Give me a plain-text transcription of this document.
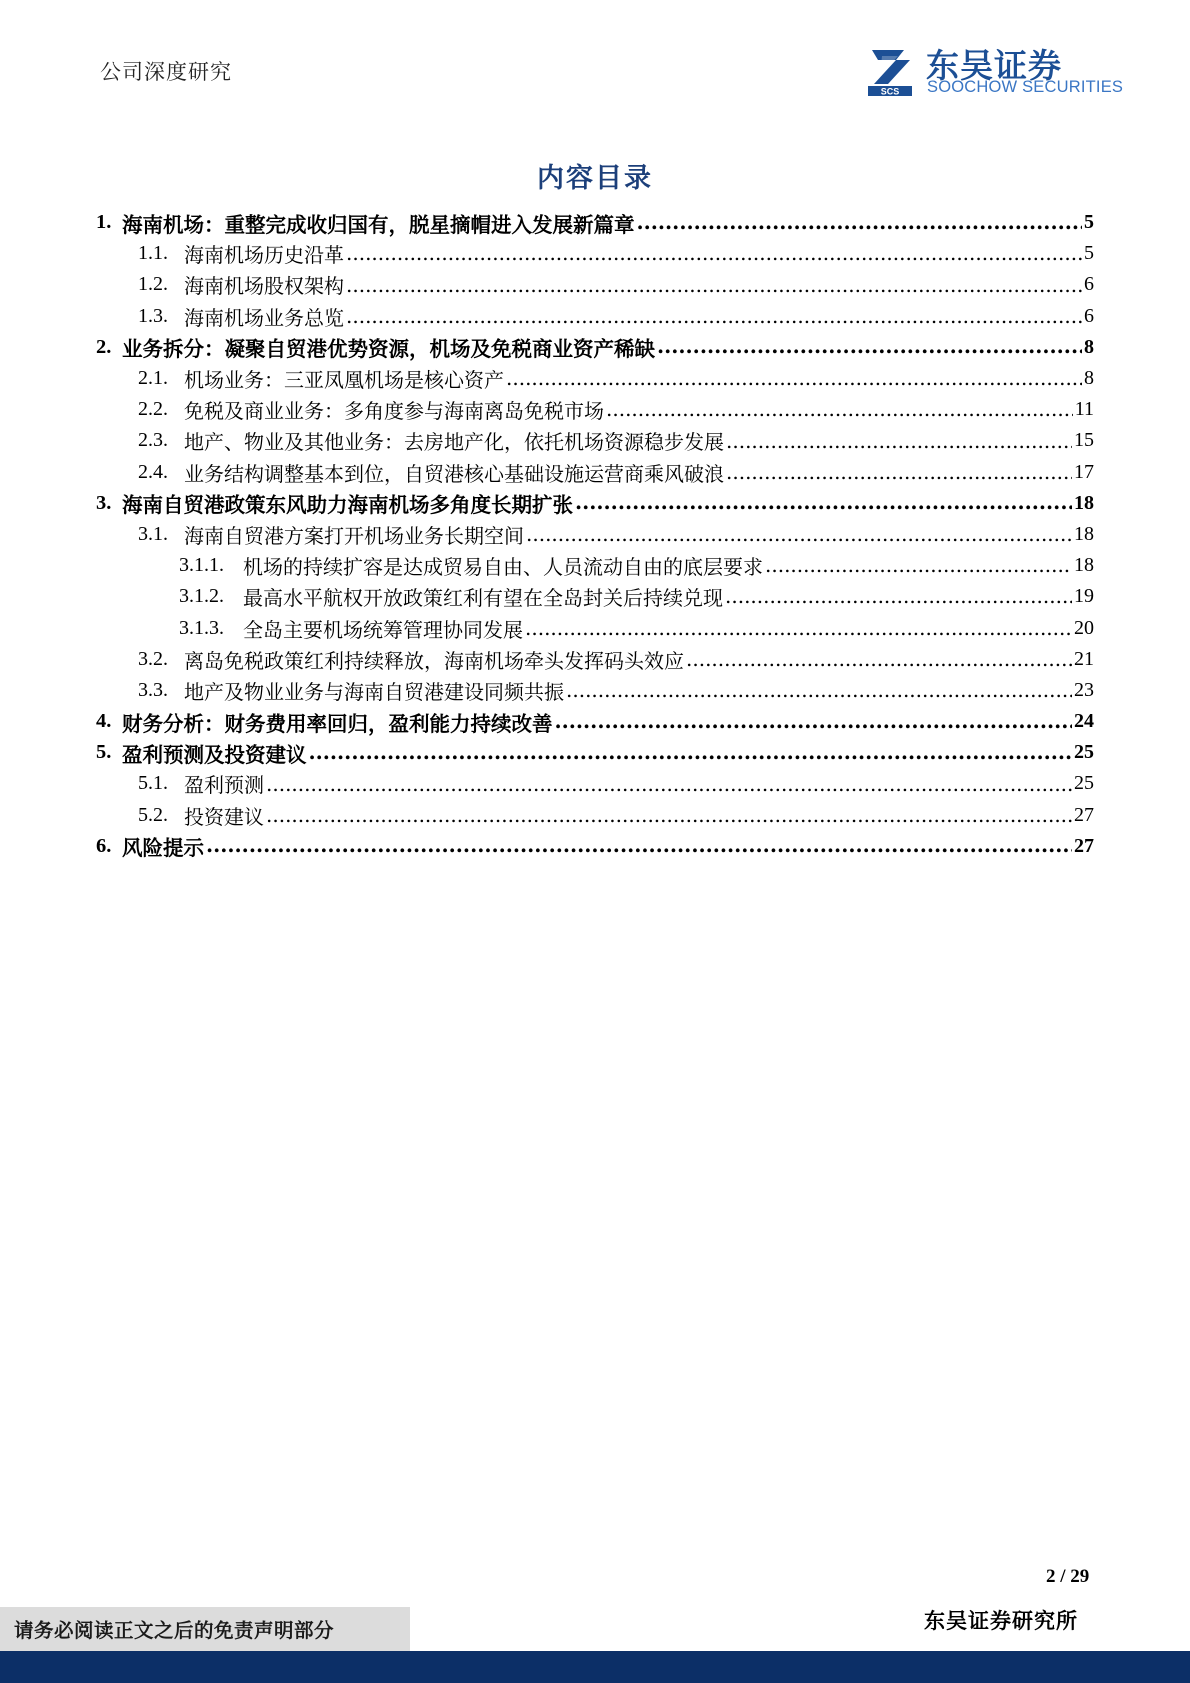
公司深度研究
SCS
东吴证券
SOOCHOW SECURITIES
内容目录
1. 海南机场：重整完成收归国有，脱星摘帽进入发展新篇章 .....	5
1.1. 海南机场历史沿革 .....	5
1.2. 海南机场股权架构 .....	6
1.3. 海南机场业务总览 .....	6
2. 业务拆分：凝聚自贸港优势资源，机场及免税商业资产稀缺 .....	8
2.1. 机场业务：三亚凤凰机场是核心资产 .....	8
2.2. 免税及商业业务：多角度参与海南离岛免税市场 .....	11
2.3. 地产、物业及其他业务：去房地产化，依托机场资源稳步发展 .....	15
2.4. 业务结构调整基本到位，自贸港核心基础设施运营商乘风破浪 .....	17
3. 海南自贸港政策东风助力海南机场多角度长期扩张 .....	18
3.1. 海南自贸港方案打开机场业务长期空间 .....	18
3.1.1. 机场的持续扩容是达成贸易自由、人员流动自由的底层要求 .....	18
3.1.2. 最高水平航权开放政策红利有望在全岛封关后持续兑现 .....	19
3.1.3. 全岛主要机场统筹管理协同发展 .....	20
3.2. 离岛免税政策红利持续释放，海南机场牵头发挥码头效应 .....	21
3.3. 地产及物业业务与海南自贸港建设同频共振 .....	23
4. 财务分析：财务费用率回归，盈利能力持续改善 .....	24
5. 盈利预测及投资建议 .....	25
5.1. 盈利预测 .....	25
5.2. 投资建议 .....	27
6. 风险提示 .....	27
2 / 29
东吴证券研究所
请务必阅读正文之后的免责声明部分
